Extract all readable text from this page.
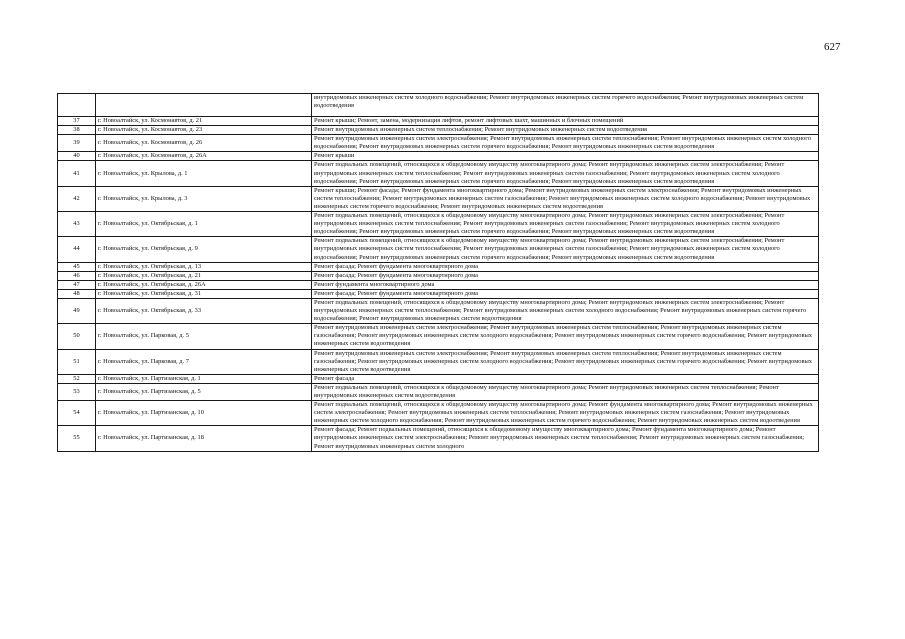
627
		внутридомовых инженерных систем холодного водоснабжения; Ремонт внутридомовых инженерных систем горячего водоснабжения; Ремонт внутридомовых инженерных систем водоотведения
37	г. Новоалтайск, ул. Космонавтов, д. 21	Ремонт крыши; Ремонт, замена, модернизация лифтов, ремонт лифтовых шахт, машинных и блочных помещений
38	г. Новоалтайск, ул. Космонавтов, д. 23	Ремонт внутридомовых инженерных систем теплоснабжения; Ремонт внутридомовых инженерных систем водоотведения
39	г. Новоалтайск, ул. Космонавтов, д. 26	Ремонт внутридомовых инженерных систем электроснабжения; Ремонт внутридомовых инженерных систем теплоснабжения; Ремонт внутридомовых инженерных систем холодного водоснабжения; Ремонт внутридомовых инженерных систем горячего водоснабжения; Ремонт внутридомовых инженерных систем водоотведения
40	г. Новоалтайск, ул. Космонавтов, д. 26А	Ремонт крыши
41	г. Новоалтайск, ул. Крылова, д. 1	Ремонт подвальных помещений, относящихся к общедомовому имуществу многоквартирного дома; Ремонт внутридомовых инженерных систем электроснабжения; Ремонт внутридомовых инженерных систем теплоснабжения; Ремонт внутридомовых инженерных систем газоснабжения; Ремонт внутридомовых инженерных систем холодного водоснабжения; Ремонт внутридомовых инженерных систем горячего водоснабжения; Ремонт внутридомовых инженерных систем водоотведения
42	г. Новоалтайск, ул. Крылова, д. 3	Ремонт крыши; Ремонт фасада; Ремонт фундамента многоквартирного дома; Ремонт внутридомовых инженерных систем электроснабжения; Ремонт внутридомовых инженерных систем теплоснабжения; Ремонт внутридомовых инженерных систем газоснабжения; Ремонт внутридомовых инженерных систем холодного водоснабжения; Ремонт внутридомовых инженерных систем горячего водоснабжения; Ремонт внутридомовых инженерных систем водоотведения
43	г. Новоалтайск, ул. Октябрьская, д. 1	Ремонт подвальных помещений, относящихся к общедомовому имуществу многоквартирного дома; Ремонт внутридомовых инженерных систем электроснабжения; Ремонт внутридомовых инженерных систем теплоснабжения; Ремонт внутридомовых инженерных систем газоснабжения; Ремонт внутридомовых инженерных систем холодного водоснабжения; Ремонт внутридомовых инженерных систем горячего водоснабжения; Ремонт внутридомовых инженерных систем водоотведения
44	г. Новоалтайск, ул. Октябрьская, д. 9	Ремонт подвальных помещений, относящихся к общедомовому имуществу многоквартирного дома; Ремонт внутридомовых инженерных систем электроснабжения; Ремонт внутридомовых инженерных систем теплоснабжения; Ремонт внутридомовых инженерных систем газоснабжения; Ремонт внутридомовых инженерных систем холодного водоснабжения; Ремонт внутридомовых инженерных систем горячего водоснабжения; Ремонт внутридомовых инженерных систем водоотведения
45	г. Новоалтайск, ул. Октябрьская, д. 13	Ремонт фасада; Ремонт фундамента многоквартирного дома
46	г. Новоалтайск, ул. Октябрьская, д. 21	Ремонт фасада; Ремонт фундамента многоквартирного дома
47	г. Новоалтайск, ул. Октябрьская, д. 26А	Ремонт фундамента многоквартирного дома
48	г. Новоалтайск, ул. Октябрьская, д. 31	Ремонт фасада; Ремонт фундамента многоквартирного дома
49	г. Новоалтайск, ул. Октябрьская, д. 33	Ремонт подвальных помещений, относящихся к общедомовому имуществу многоквартирного дома; Ремонт внутридомовых инженерных систем электроснабжения; Ремонт внутридомовых инженерных систем теплоснабжения; Ремонт внутридомовых инженерных систем холодного водоснабжения; Ремонт внутридомовых инженерных систем горячего водоснабжения; Ремонт внутридомовых инженерных систем водоотведения
50	г. Новоалтайск, ул. Парковая, д. 5	Ремонт внутридомовых инженерных систем электроснабжения; Ремонт внутридомовых инженерных систем теплоснабжения; Ремонт внутридомовых инженерных систем газоснабжения; Ремонт внутридомовых инженерных систем холодного водоснабжения; Ремонт внутридомовых инженерных систем горячего водоснабжения; Ремонт внутридомовых инженерных систем водоотведения
51	г. Новоалтайск, ул. Парковая, д. 7	Ремонт внутридомовых инженерных систем электроснабжения; Ремонт внутридомовых инженерных систем теплоснабжения; Ремонт внутридомовых инженерных систем газоснабжения; Ремонт внутридомовых инженерных систем холодного водоснабжения; Ремонт внутридомовых инженерных систем горячего водоснабжения; Ремонт внутридомовых инженерных систем водоотведения
52	г. Новоалтайск, ул. Партизанская, д. 1	Ремонт фасада
53	г. Новоалтайск, ул. Партизанская, д. 5	Ремонт подвальных помещений, относящихся к общедомовому имуществу многоквартирного дома; Ремонт внутридомовых инженерных систем теплоснабжения; Ремонт внутридомовых инженерных систем водоотведения
54	г. Новоалтайск, ул. Партизанская, д. 10	Ремонт подвальных помещений, относящихся к общедомовому имуществу многоквартирного дома; Ремонт фундамента многоквартирного дома; Ремонт внутридомовых инженерных систем электроснабжения; Ремонт внутридомовых инженерных систем теплоснабжения; Ремонт внутридомовых инженерных систем газоснабжения; Ремонт внутридомовых инженерных систем холодного водоснабжения; Ремонт внутридомовых инженерных систем горячего водоснабжения; Ремонт внутридомовых инженерных систем водоотведения
55	г. Новоалтайск, ул. Партизанская, д. 18	Ремонт фасада; Ремонт подвальных помещений, относящихся к общедомовому имуществу многоквартирного дома; Ремонт фундамента многоквартирного дома; Ремонт внутридомовых инженерных систем электроснабжения; Ремонт внутридомовых инженерных систем теплоснабжения; Ремонт внутридомовых инженерных систем газоснабжения; Ремонт внутридомовых инженерных систем холодного
